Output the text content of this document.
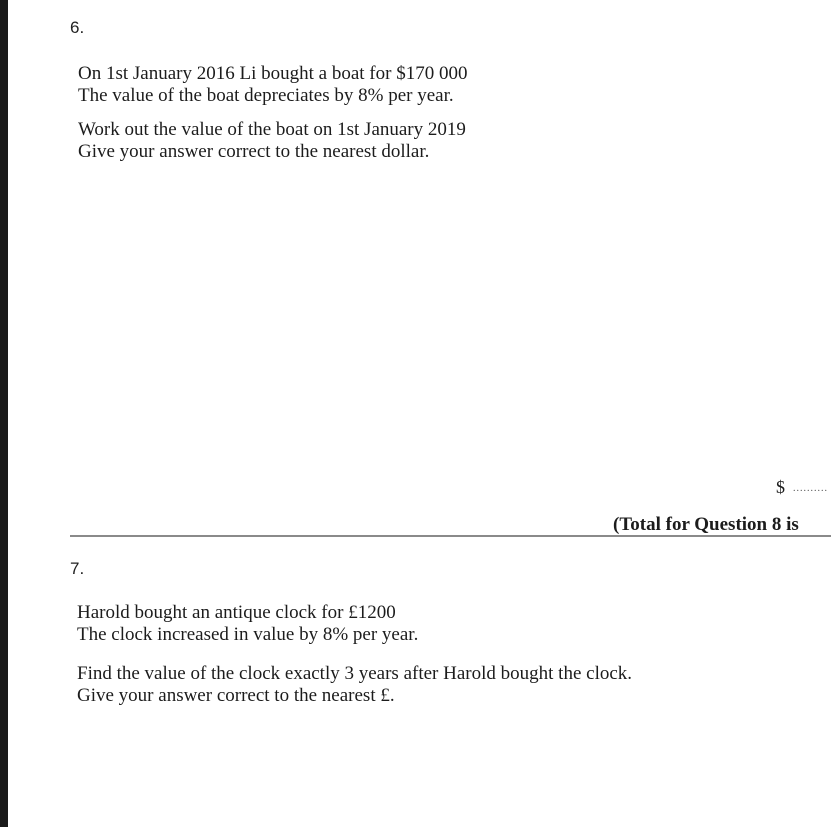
6.
On 1st January 2016 Li bought a boat for $170 000
The value of the boat depreciates by 8% per year.
Work out the value of the boat on 1st January 2019
Give your answer correct to the nearest dollar.
$ ..........
(Total for Question 8 is
7.
Harold bought an antique clock for £1200
The clock increased in value by 8% per year.
Find the value of the clock exactly 3 years after Harold bought the clock.
Give your answer correct to the nearest £.
